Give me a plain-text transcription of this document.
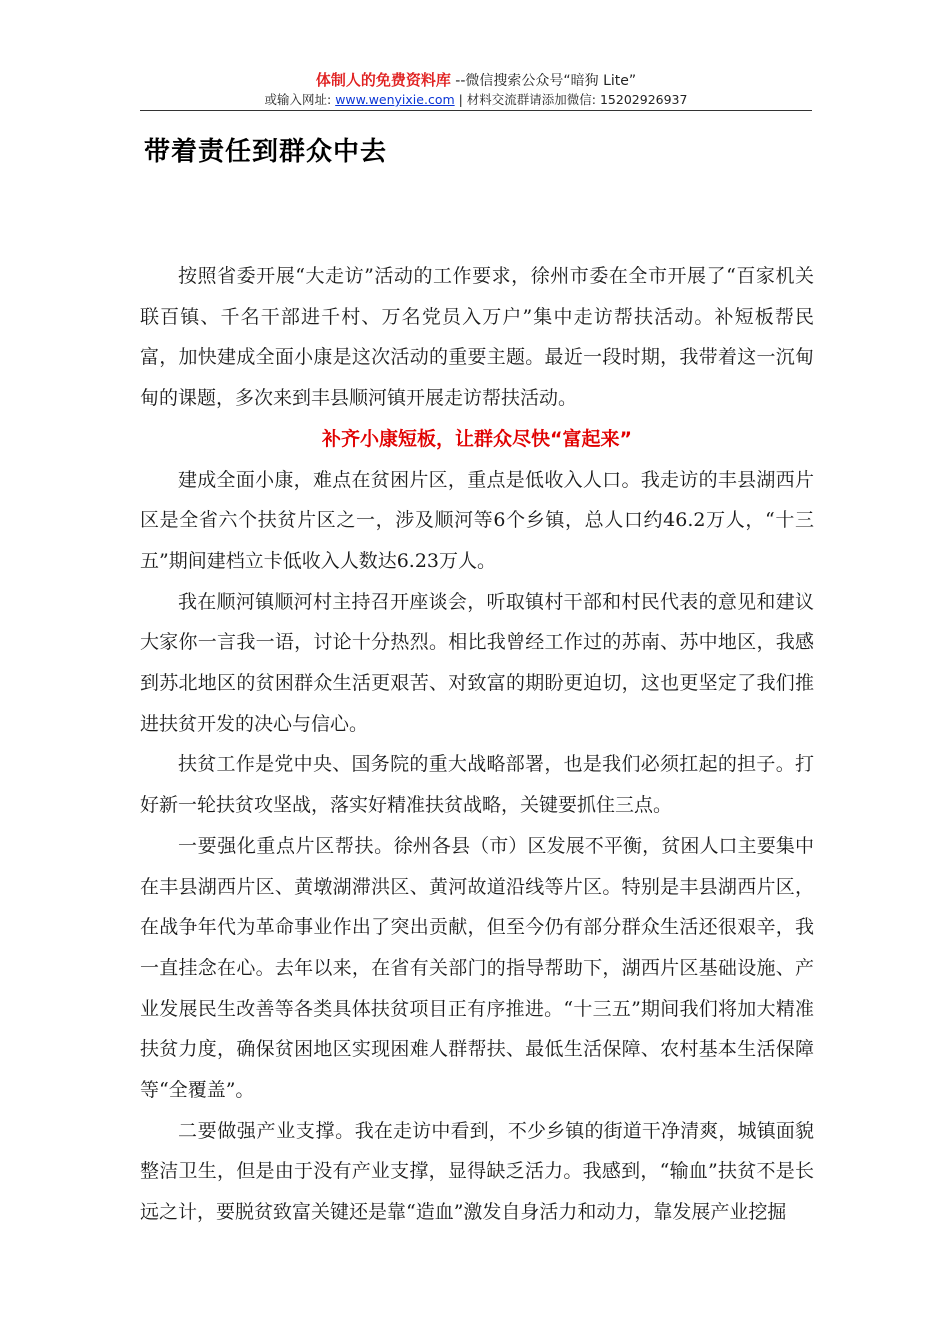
体制人的免费资料库 --微信搜索公众号“暗狗 Lite”
或输入网址: www.wenyixie.com | 材料交流群请添加微信: 15202926937
带着责任到群众中去

按照省委开展“大走访”活动的工作要求，徐州市委在全市开展了“百家机关联百镇、千名干部进千村、万名党员入万户”集中走访帮扶活动。补短板帮民富，加快建成全面小康是这次活动的重要主题。最近一段时期，我带着这一沉甸甸的课题，多次来到丰县顺河镇开展走访帮扶活动。

补齐小康短板，让群众尽快“富起来”

建成全面小康，难点在贫困片区，重点是低收入人口。我走访的丰县湖西片区是全省六个扶贫片区之一，涉及顺河等6个乡镇，总人口约46.2万人，“十三五”期间建档立卡低收入人数达6.23万人。

我在顺河镇顺河村主持召开座谈会，听取镇村干部和村民代表的意见和建议大家你一言我一语，讨论十分热烈。相比我曾经工作过的苏南、苏中地区，我感到苏北地区的贫困群众生活更艰苦、对致富的期盼更迫切，这也更坚定了我们推进扶贫开发的决心与信心。

扶贫工作是党中央、国务院的重大战略部署，也是我们必须扛起的担子。打好新一轮扶贫攻坚战，落实好精准扶贫战略，关键要抓住三点。

一要强化重点片区帮扶。徐州各县（市）区发展不平衡，贫困人口主要集中在丰县湖西片区、黄墩湖滞洪区、黄河故道沿线等片区。特别是丰县湖西片区，在战争年代为革命事业作出了突出贡献，但至今仍有部分群众生活还很艰辛，我一直挂念在心。去年以来，在省有关部门的指导帮助下，湖西片区基础设施、产业发展民生改善等各类具体扶贫项目正有序推进。“十三五”期间我们将加大精准扶贫力度，确保贫困地区实现困难人群帮扶、最低生活保障、农村基本生活保障等“全覆盖”。

二要做强产业支撑。我在走访中看到，不少乡镇的街道干净清爽，城镇面貌整洁卫生，但是由于没有产业支撑，显得缺乏活力。我感到，“输血”扶贫不是长远之计，要脱贫致富关键还是靠“造血”激发自身活力和动力，靠发展产业挖掘
